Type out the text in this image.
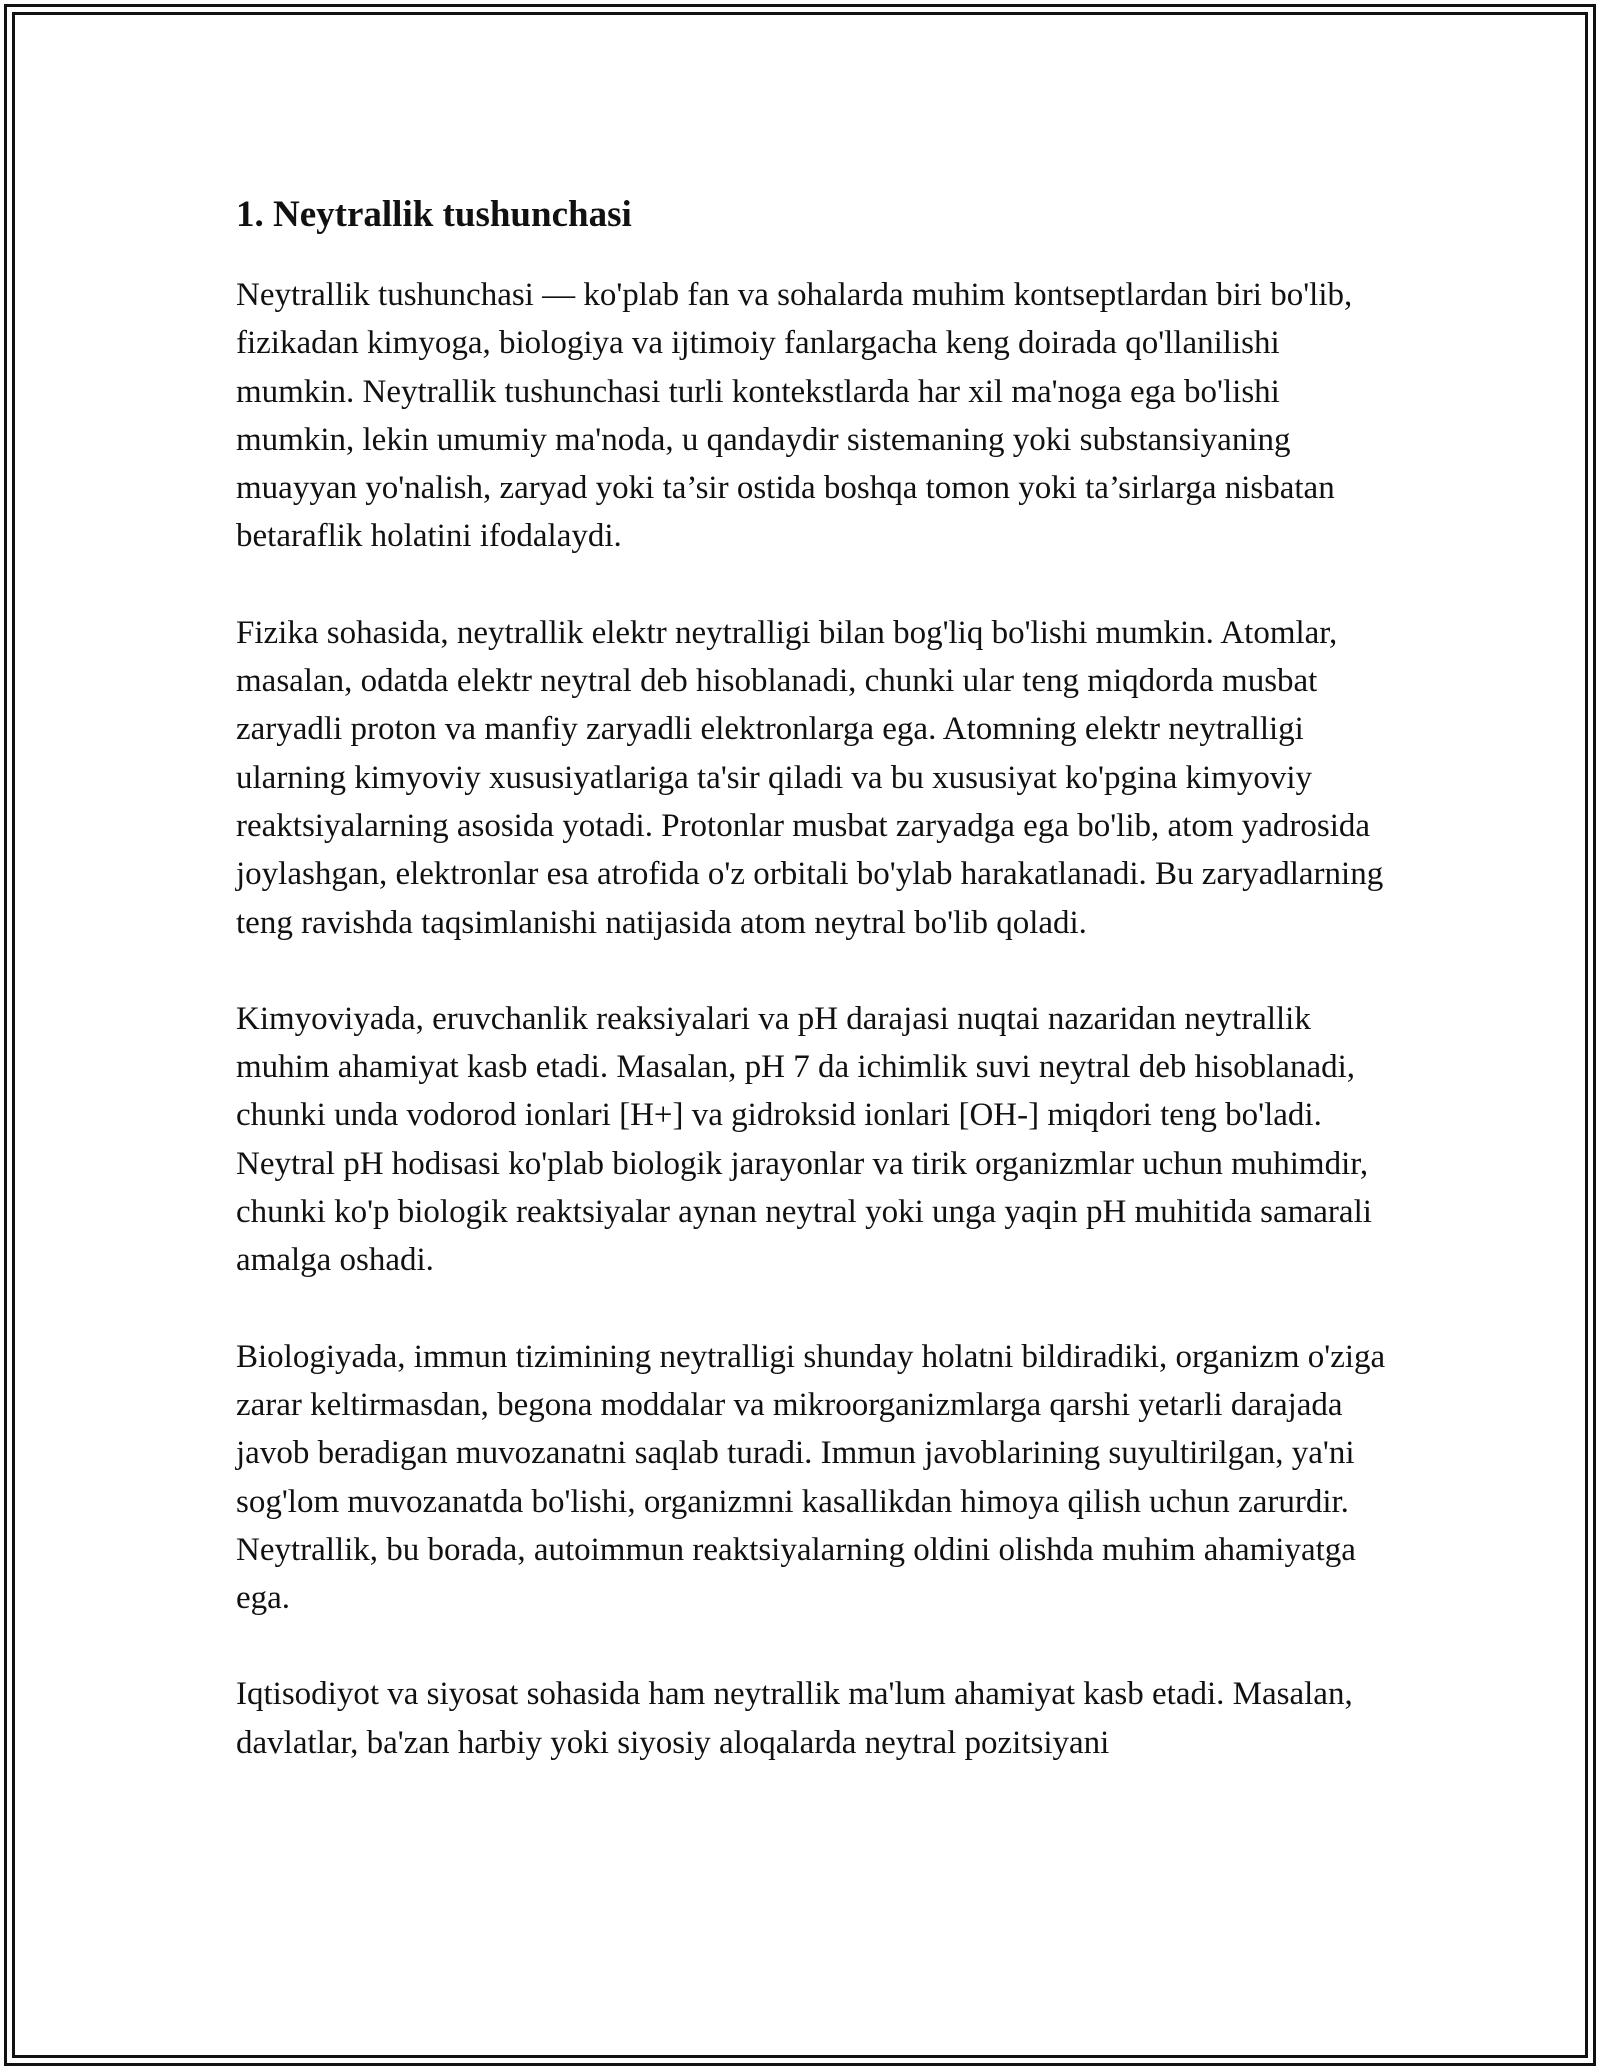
1. Neytrallik tushunchasi

Neytrallik tushunchasi — ko'plab fan va sohalarda muhim kontseptlardan biri bo'lib, fizikadan kimyoga, biologiya va ijtimoiy fanlargacha keng doirada qo'llanilishi mumkin. Neytrallik tushunchasi turli kontekstlarda har xil ma'noga ega bo'lishi mumkin, lekin umumiy ma'noda, u qandaydir sistemaning yoki substansiyaning muayyan yo'nalish, zaryad yoki ta’sir ostida boshqa tomon yoki ta’sirlarga nisbatan betaraflik holatini ifodalaydi.

Fizika sohasida, neytrallik elektr neytralligi bilan bog'liq bo'lishi mumkin. Atomlar, masalan, odatda elektr neytral deb hisoblanadi, chunki ular teng miqdorda musbat zaryadli proton va manfiy zaryadli elektronlarga ega. Atomning elektr neytralligi ularning kimyoviy xususiyatlariga ta'sir qiladi va bu xususiyat ko'pgina kimyoviy reaktsiyalarning asosida yotadi. Protonlar musbat zaryadga ega bo'lib, atom yadrosida joylashgan, elektronlar esa atrofida o'z orbitali bo'ylab harakatlanadi. Bu zaryadlarning teng ravishda taqsimlanishi natijasida atom neytral bo'lib qoladi.

Kimyoviyada, eruvchanlik reaksiyalari va pH darajasi nuqtai nazaridan neytrallik muhim ahamiyat kasb etadi. Masalan, pH 7 da ichimlik suvi neytral deb hisoblanadi, chunki unda vodorod ionlari [H+] va gidroksid ionlari [OH-] miqdori teng bo'ladi. Neytral pH hodisasi ko'plab biologik jarayonlar va tirik organizmlar uchun muhimdir, chunki ko'p biologik reaktsiyalar aynan neytral yoki unga yaqin pH muhitida samarali amalga oshadi.

Biologiyada, immun tizimining neytralligi shunday holatni bildiradiki, organizm o'ziga zarar keltirmasdan, begona moddalar va mikroorganizmlarga qarshi yetarli darajada javob beradigan muvozanatni saqlab turadi. Immun javoblarining suyultirilgan, ya'ni sog'lom muvozanatda bo'lishi, organizmni kasallikdan himoya qilish uchun zarurdir. Neytrallik, bu borada, autoimmun reaktsiyalarning oldini olishda muhim ahamiyatga ega.

Iqtisodiyot va siyosat sohasida ham neytrallik ma'lum ahamiyat kasb etadi. Masalan, davlatlar, ba'zan harbiy yoki siyosiy aloqalarda neytral pozitsiyani
